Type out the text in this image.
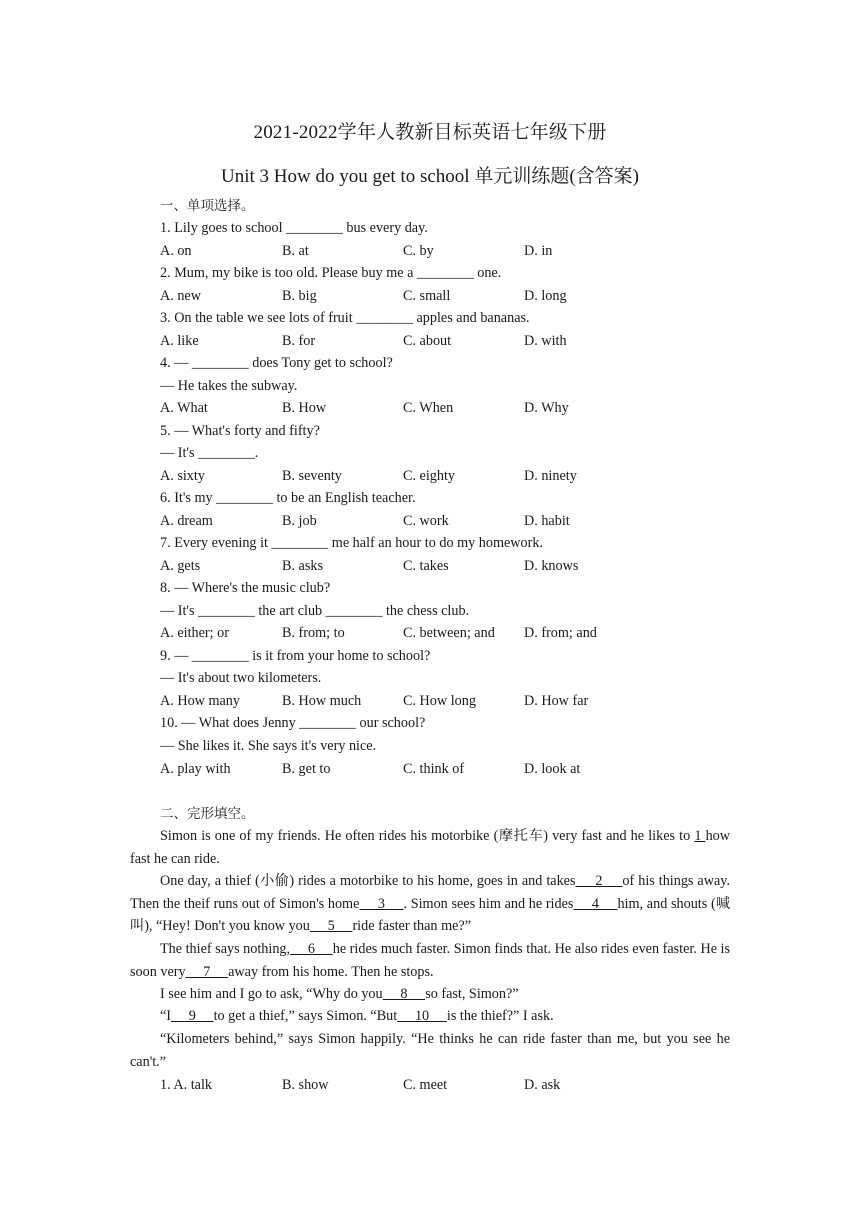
2021-2022学年人教新目标英语七年级下册
Unit 3 How do you get to school 单元训练题(含答案)
一、单项选择。
1. Lily goes to school ________ bus every day.
A. on	B. at	C. by	D. in
2. Mum, my bike is too old. Please buy me a ________ one.
A. new	B. big	C. small	D. long
3. On the table we see lots of fruit ________ apples and bananas.
A. like	B. for	C. about	D. with
4. — ________ does Tony get to school?
— He takes the subway.
A. What	B. How	C. When	D. Why
5. — What's forty and fifty?
— It's ________.
A. sixty	B. seventy	C. eighty	D. ninety
6. It's my ________ to be an English teacher.
A. dream	B. job	C. work	D. habit
7. Every evening it ________ me half an hour to do my homework.
A. gets	B. asks	C. takes	D. knows
8. — Where's the music club?
— It's ________ the art club ________ the chess club.
A. either; or	B. from; to	C. between; and D. from; and
9. — ________ is it from your home to school?
— It's about two kilometers.
A. How many	B. How much	C. How long	D. How far
10. — What does Jenny ________ our school?
— She likes it. She says it's very nice.
A. play with	B. get to	C. think of	D. look at
二、完形填空。
Simon is one of my friends. He often rides his motorbike (摩托车) very fast and he likes to 1 how fast he can ride.
One day, a thief (小偷) rides a motorbike to his home, goes in and takes     2     of his things away. Then the theif runs out of Simon's home     3     . Simon sees him and he rides     4     him, and shouts (喊叫), “Hey! Don't you know you     5     ride faster than me?”
The thief says nothing,     6     he rides much faster. Simon finds that. He also rides even faster. He is soon very     7     away from his home. Then he stops.
I see him and I go to ask, “Why do you     8     so fast, Simon?”
“I     9     to get a thief,” says Simon. “But     10     is the thief?” I ask.
“Kilometers behind,” says Simon happily. “He thinks he can ride faster than me, but you see he can't.”
1. A. talk	B. show	C. meet	D. ask
